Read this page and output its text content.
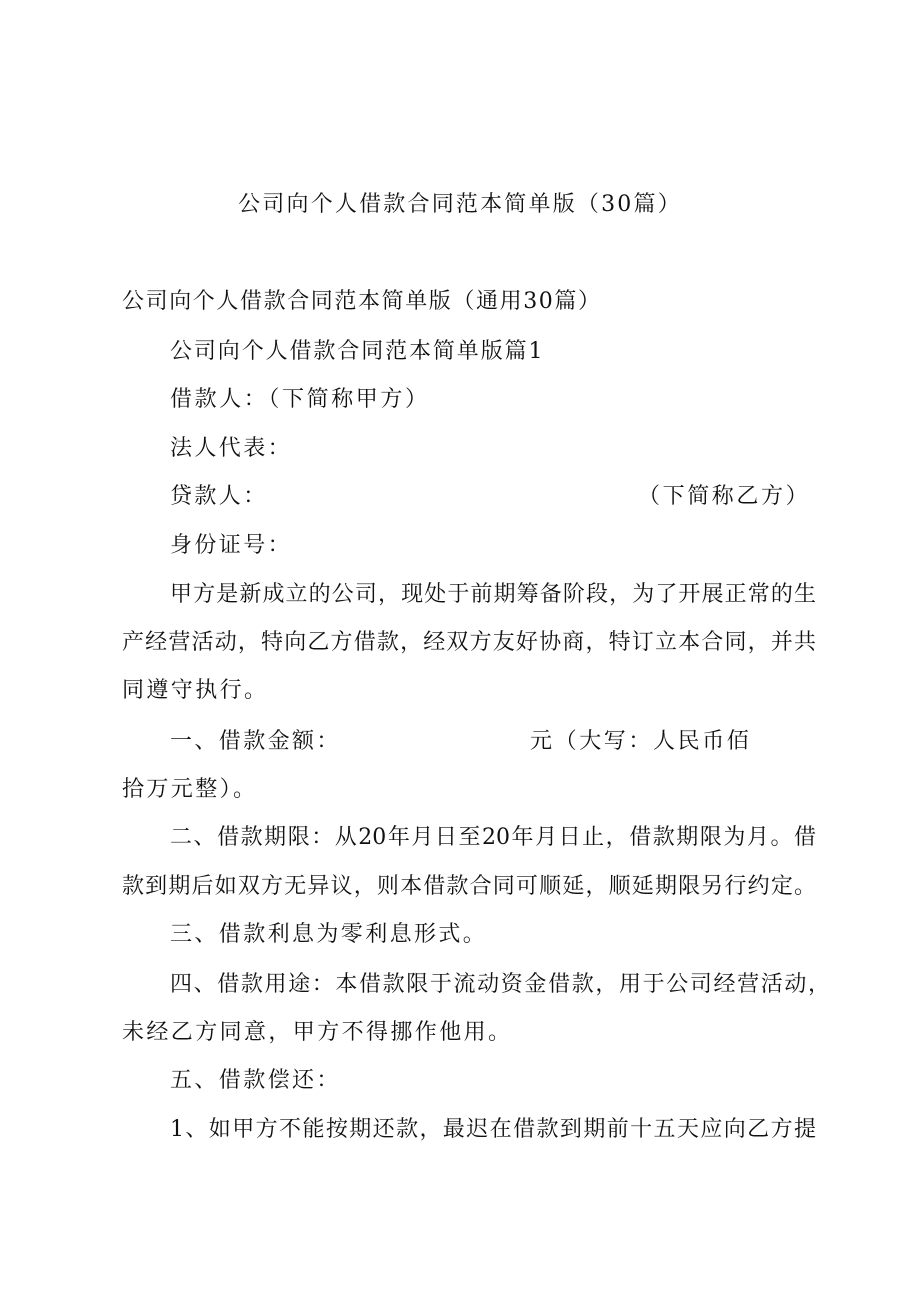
公司向个人借款合同范本简单版（30篇）
公司向个人借款合同范本简单版（通用30篇）
公司向个人借款合同范本简单版篇1
借款人：（下简称甲方）
法人代表：
贷款人：	（下简称乙方）
身份证号：
甲方是新成立的公司，现处于前期筹备阶段，为了开展正常的生
产经营活动，特向乙方借款，经双方友好协商，特订立本合同，并共
同遵守执行。
一、借款金额：	元（大写：人民币佰
拾万元整）。
二、借款期限：从20年月日至20年月日止，借款期限为月。借
款到期后如双方无异议，则本借款合同可顺延，顺延期限另行约定。
三、借款利息为零利息形式。
四、借款用途：本借款限于流动资金借款，用于公司经营活动，
未经乙方同意，甲方不得挪作他用。
五、借款偿还：
1、如甲方不能按期还款，最迟在借款到期前十五天应向乙方提
